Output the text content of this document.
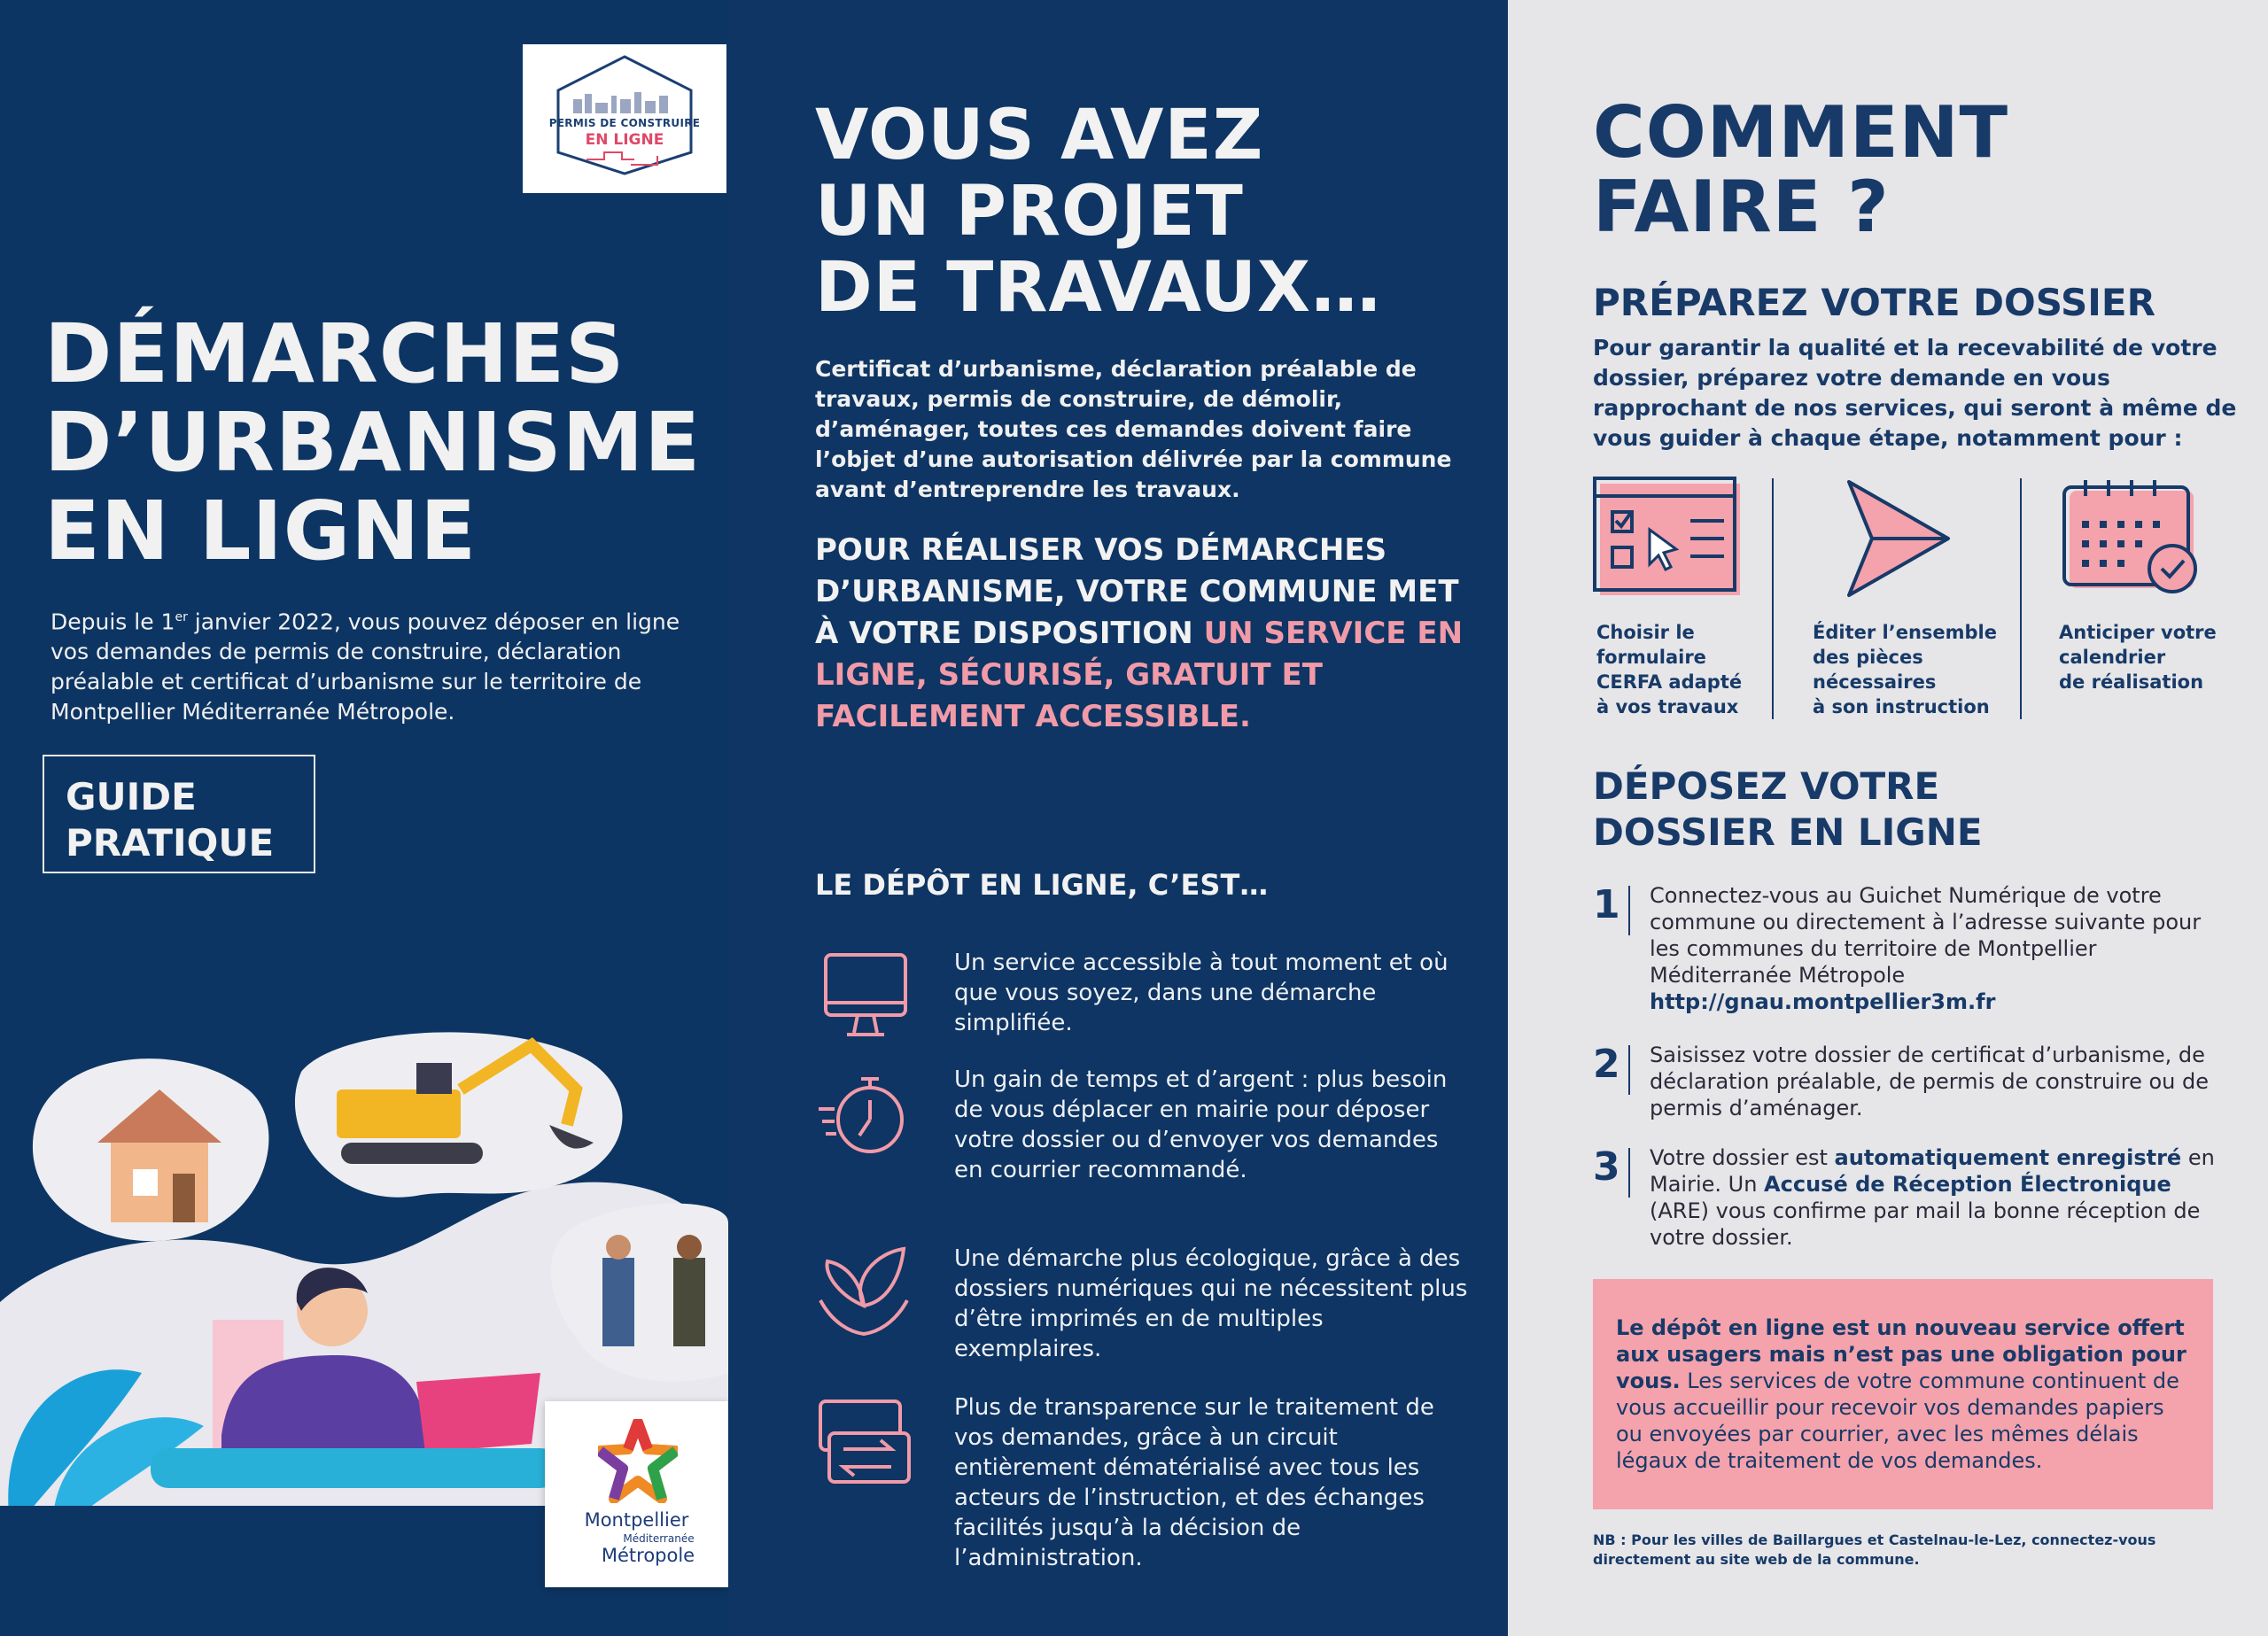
PERMIS DE CONSTRUIRE
EN LIGNE
DÉMARCHES
D’URBANISME
EN LIGNE
Depuis le 1er janvier 2022, vous pouvez déposer en ligne vos demandes de permis de construire, déclaration préalable et certificat d’urbanisme sur le territoire de Montpellier Méditerranée Métropole.
GUIDE
PRATIQUE
Montpellier
Méditerranée
Métropole
VOUS AVEZ
UN PROJET
DE TRAVAUX…
Certificat d’urbanisme, déclaration préalable de travaux, permis de construire, de démolir, d’aménager, toutes ces demandes doivent faire l’objet d’une autorisation délivrée par la commune avant d’entreprendre les travaux.
POUR RÉALISER VOS DÉMARCHES D’URBANISME, VOTRE COMMUNE MET À VOTRE DISPOSITION UN SERVICE EN LIGNE, SÉCURISÉ, GRATUIT ET FACILEMENT ACCESSIBLE.
LE DÉPÔT EN LIGNE, C’EST…
Un service accessible à tout moment et où que vous soyez, dans une démarche simplifiée.
Un gain de temps et d’argent : plus besoin de vous déplacer en mairie pour déposer votre dossier ou d’envoyer vos demandes en courrier recommandé.
Une démarche plus écologique, grâce à des dossiers numériques qui ne nécessitent plus d’être imprimés en de multiples exemplaires.
Plus de transparence sur le traitement de vos demandes, grâce à un circuit entièrement dématérialisé avec tous les acteurs de l’instruction, et des échanges facilités jusqu’à la décision de l’administration.
COMMENT
FAIRE ?
PRÉPAREZ VOTRE DOSSIER
Pour garantir la qualité et la recevabilité de votre dossier, préparez votre demande en vous rapprochant de nos services, qui seront à même de vous guider à chaque étape, notamment pour :
Choisir le
formulaire
CERFA adapté
à vos travaux
Éditer l’ensemble
des pièces
nécessaires
à son instruction
Anticiper votre
calendrier
de réalisation
DÉPOSEZ VOTRE
DOSSIER EN LIGNE
1 Connectez-vous au Guichet Numérique de votre commune ou directement à l’adresse suivante pour les communes du territoire de Montpellier Méditerranée Métropole
http://gnau.montpellier3m.fr
2 Saisissez votre dossier de certificat d’urbanisme, de déclaration préalable, de permis de construire ou de permis d’aménager.
3 Votre dossier est automatiquement enregistré en Mairie. Un Accusé de Réception Électronique (ARE) vous confirme par mail la bonne réception de votre dossier.
Le dépôt en ligne est un nouveau service offert aux usagers mais n’est pas une obligation pour vous. Les services de votre commune continuent de vous accueillir pour recevoir vos demandes papiers ou envoyées par courrier, avec les mêmes délais légaux de traitement de vos demandes.
NB : Pour les villes de Baillargues et Castelnau-le-Lez, connectez-vous directement au site web de la commune.
